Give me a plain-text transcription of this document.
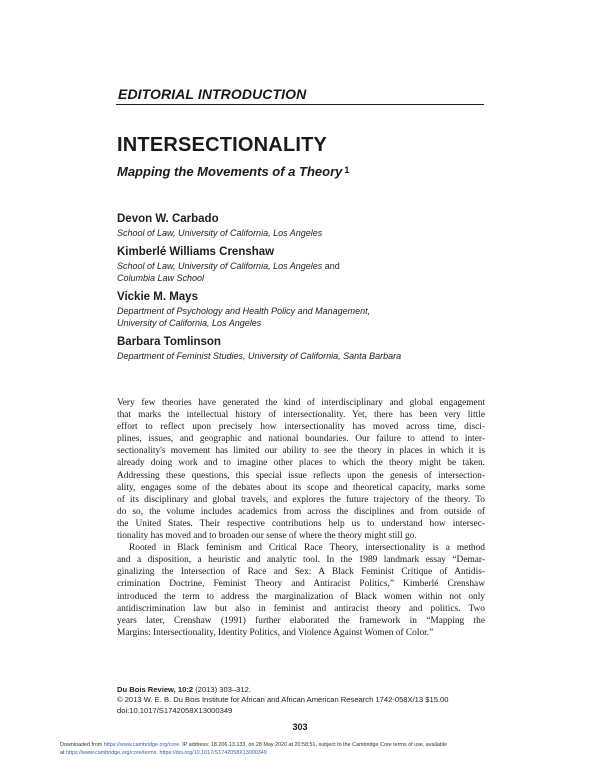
EDITORIAL INTRODUCTION
INTERSECTIONALITY
Mapping the Movements of a Theory $^1$
Devon W. Carbado
School of Law, University of California, Los Angeles
Kimberlé Williams Crenshaw
School of Law, University of California, Los Angeles and
Columbia Law School
Vickie M. Mays
Department of Psychology and Health Policy and Management,
University of California, Los Angeles
Barbara Tomlinson
Department of Feminist Studies, University of California, Santa Barbara
Very few theories have generated the kind of interdisciplinary and global engagement
that marks the intellectual history of intersectionality. Yet, there has been very little
effort to reflect upon precisely how intersectionality has moved across time, disci-
plines, issues, and geographic and national boundaries. Our failure to attend to inter-
sectionality's movement has limited our ability to see the theory in places in which it is
already doing work and to imagine other places to which the theory might be taken.
Addressing these questions, this special issue reflects upon the genesis of intersection-
ality, engages some of the debates about its scope and theoretical capacity, marks some
of its disciplinary and global travels, and explores the future trajectory of the theory. To
do so, the volume includes academics from across the disciplines and from outside of
the United States. Their respective contributions help us to understand how intersec-
tionality has moved and to broaden our sense of where the theory might still go.
Rooted in Black feminism and Critical Race Theory, intersectionality is a method
and a disposition, a heuristic and analytic tool. In the 1989 landmark essay “Demar-
ginalizing the Intersection of Race and Sex: A Black Feminist Critique of Antidis-
crimination Doctrine, Feminist Theory and Antiracist Politics,” Kimberlé Crenshaw
introduced the term to address the marginalization of Black women within not only
antidiscrimination law but also in feminist and antiracist theory and politics. Two
years later, Crenshaw (1991) further elaborated the framework in “Mapping the
Margins: Intersectionality, Identity Politics, and Violence Against Women of Color.”
Du Bois Review, 10:2 (2013) 303–312.
© 2013 W. E. B. Du Bois Institute for African and African American Research 1742-058X/13 $15.00
doi:10.1017/S1742058X13000349
303
Downloaded from https://www.cambridge.org/core. IP address: 18.206.13.133, on 28 May 2020 at 20:58:51, subject to the Cambridge Core terms of use, available
at https://www.cambridge.org/core/terms. https://doi.org/10.1017/S1742058X13000349
